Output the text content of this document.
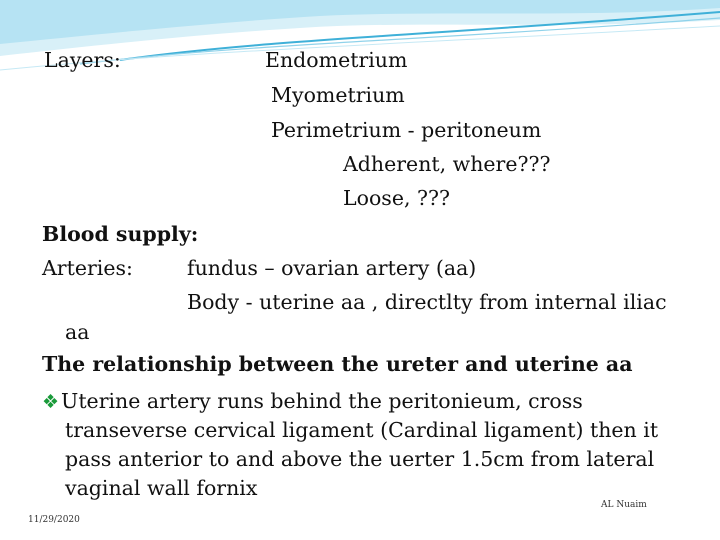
Layers:	Endometrium
Myometrium
Perimetrium - peritoneum
Adherent, where???
Loose, ???
Blood supply:
Arteries:	fundus – ovarian artery (aa)
Body - uterine aa , directlty from internal iliac
aa
The relationship between the ureter and uterine aa
❖Uterine artery runs behind the peritonieum, cross
transeverse cervical ligament (Cardinal ligament) then it
pass anterior to and above the uerter 1.5cm from lateral
vaginal wall fornix
11/29/2020
AL Nuaim
